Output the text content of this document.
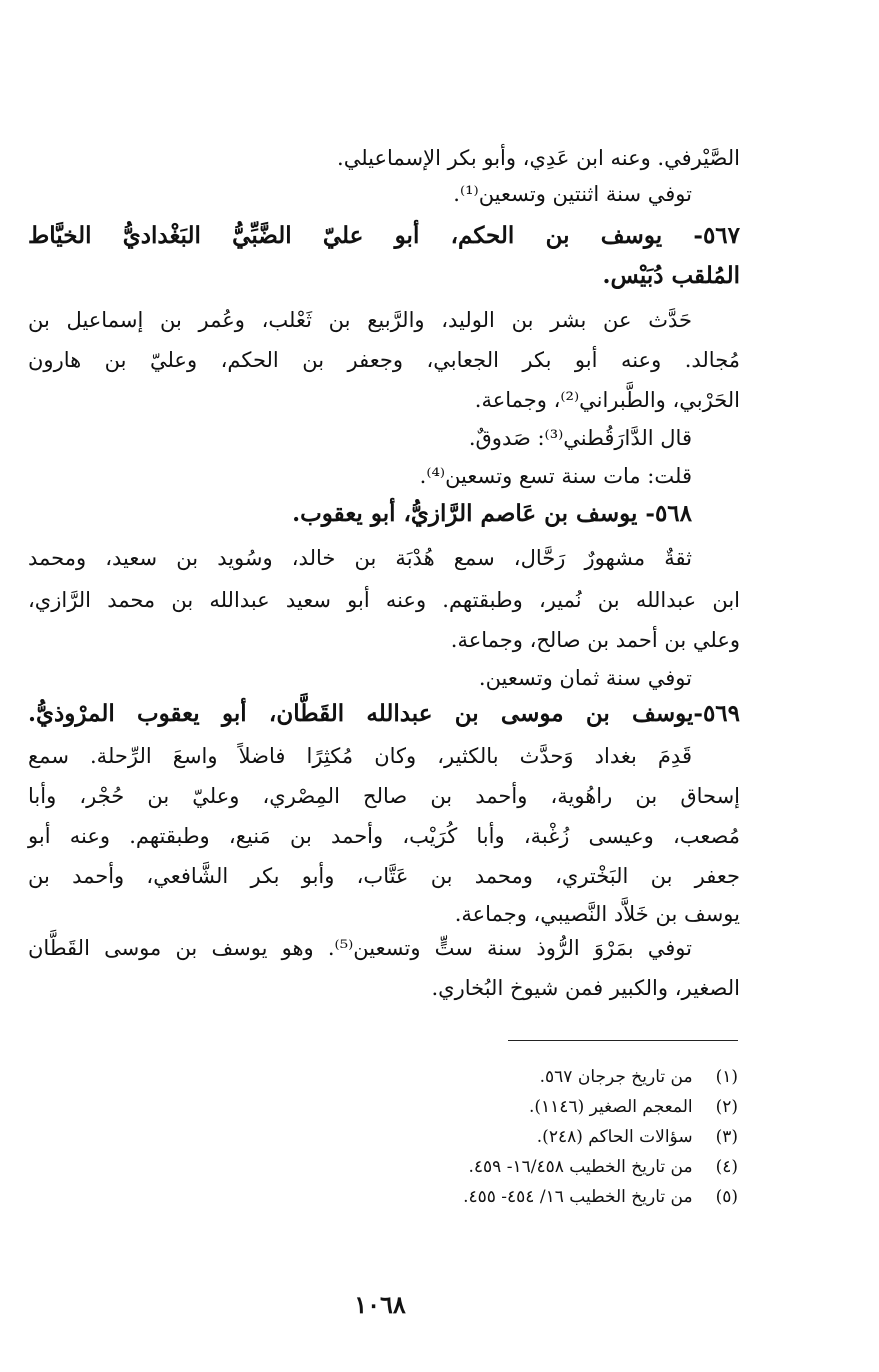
الصَّيْرفي. وعنه ابن عَدِي، وأبو بكر الإسماعيلي.
توفي سنة اثنتين وتسعين⁽¹⁾.
٥٦٧- يوسف بن الحكم، أبو عليّ الضَّبِّيُّ البَغْداديُّ الخيَّاط
المُلقب دُبَيْس.
حَدَّث عن بشر بن الوليد، والرَّبيع بن ثَعْلب، وعُمر بن إسماعيل بن
مُجالد. وعنه أبو بكر الجعابي، وجعفر بن الحكم، وعليّ بن هارون
الحَرْبي، والطَّبراني⁽²⁾، وجماعة.
قال الدَّارَقُطني⁽³⁾: صَدوقٌ.
قلت: مات سنة تسع وتسعين⁽⁴⁾.
٥٦٨- يوسف بن عَاصم الرَّازيُّ، أبو يعقوب.
ثقةٌ مشهورٌ رَحَّال، سمع هُدْبَة بن خالد، وسُويد بن سعيد، ومحمد
ابن عبدالله بن نُمير، وطبقتهم. وعنه أبو سعيد عبدالله بن محمد الرَّازي،
وعلي بن أحمد بن صالح، وجماعة.
توفي سنة ثمان وتسعين.
٥٦٩-يوسف بن موسى بن عبدالله القَطَّان، أبو يعقوب المرْوذيُّ.
قَدِمَ بغداد وَحدَّث بالكثير، وكان مُكثِرًا فاضلاً واسعَ الرِّحلة. سمع
إسحاق بن راهُوية، وأحمد بن صالح المِصْري، وعليّ بن حُجْر، وأبا
مُصعب، وعيسى زُغْبة، وأبا كُرَيْب، وأحمد بن مَنيع، وطبقتهم. وعنه أبو
جعفر بن البَخْتري، ومحمد بن عَتَّاب، وأبو بكر الشَّافعي، وأحمد بن
يوسف بن خَلاَّد النَّصيبي، وجماعة.
توفي بمَرْوَ الرُّوذ سنة ستٍّ وتسعين⁽⁵⁾. وهو يوسف بن موسى القَطَّان
الصغير، والكبير فمن شيوخ البُخاري.
(١) من تاريخ جرجان ٥٦٧.
(٢) المعجم الصغير (١١٤٦).
(٣) سؤالات الحاكم (٢٤٨).
(٤) من تاريخ الخطيب ١٦/٤٥٨- ٤٥٩.
(٥) من تاريخ الخطيب ١٦/ ٤٥٤- ٤٥٥.
١٠٦٨
